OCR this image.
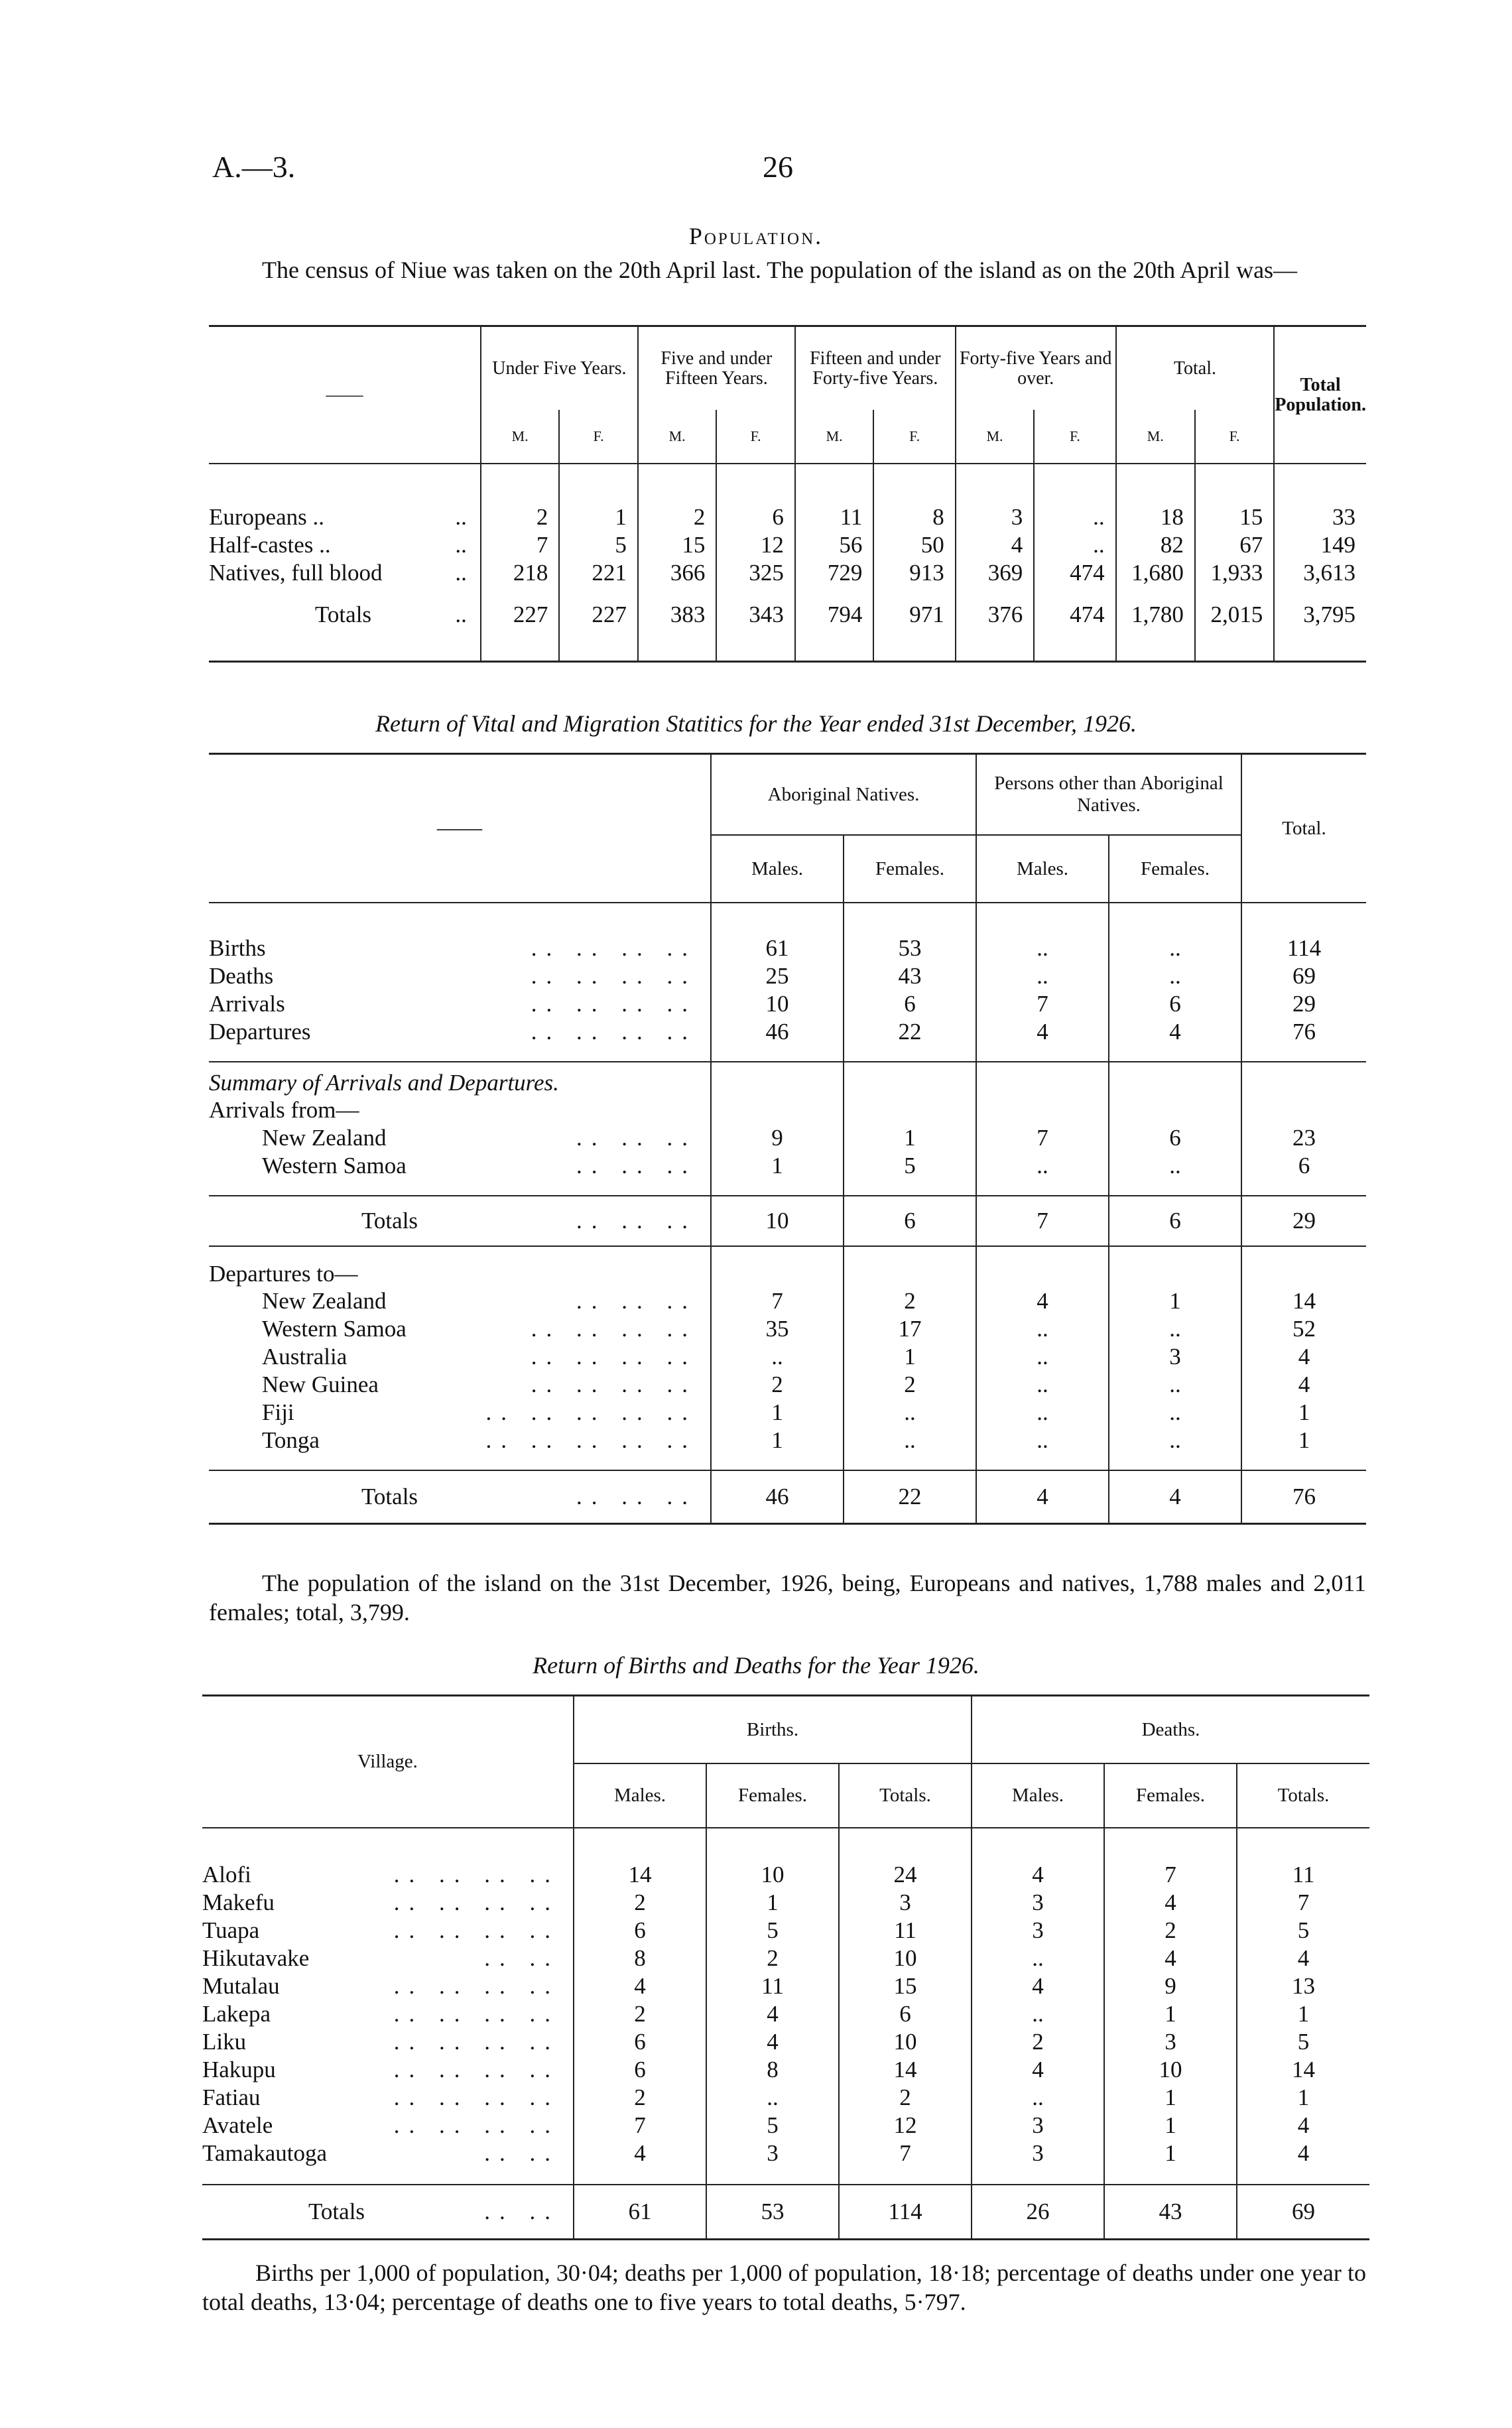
A.—3.	26
Population.
The census of Niue was taken on the 20th April last. The population of the island as on the 20th April was—
——	Under Five Years.		Five and under Fifteen Years.		Fifteen and under Forty-five Years.		Forty-five Years and over.		Total.		Total Population.
	M.	F.	M.	F.	M.	F.	M.	F.	M.	F.	

Europeans .. ..	2	1	2	6	11	8	3	..	18	15	33
Half-castes .. ..	7	5	15	12	56	50	4	..	82	67	149
Natives, full blood ..	218	221	366	325	729	913	369	474	1,680	1,933	3,613

Totals ..	227	227	383	343	794	971	376	474	1,780	2,015	3,795
Return of Vital and Migration Statitics for the Year ended 31st December, 1926.
——	Aboriginal Natives.		Persons other than Aboriginal Natives.		Total.
	Males.	Females.	Males.	Females.	

Births .. .. .. ..	61	53	..	..	114
Deaths .. .. .. ..	25	43	..	..	69
Arrivals .. .. .. ..	10	6	7	6	29
Departures .. .. .. ..	46	22	4	4	76

Summary of Arrivals and Departures.					
Arrivals from—					
New Zealand .. .. ..	9	1	7	6	23
Western Samoa .. .. ..	1	5	..	..	6

Totals .. .. ..	10	6	7	6	29
Departures to—					
New Zealand .. .. ..	7	2	4	1	14
Western Samoa .. .. .. ..	35	17	..	..	52
Australia .. .. .. ..	..	1	..	3	4
New Guinea .. .. .. ..	2	2	..	..	4
Fiji .. .. .. .. ..	1	..	..	..	1
Tonga .. .. .. .. ..	1	..	..	..	1

Totals .. .. ..	46	22	4	4	76
The population of the island on the 31st December, 1926, being, Europeans and natives, 1,788 males and 2,011 females; total, 3,799.
Return of Births and Deaths for the Year 1926.
Village.	Births.			Deaths.		
	Males.	Females.	Totals.	Males.	Females.	Totals.

Alofi .. .. .. ..	14	10	24	4	7	11
Makefu .. .. .. ..	2	1	3	3	4	7
Tuapa .. .. .. ..	6	5	11	3	2	5
Hikutavake .. ..	8	2	10	..	4	4
Mutalau .. .. .. ..	4	11	15	4	9	13
Lakepa .. .. .. ..	2	4	6	..	1	1
Liku .. .. .. ..	6	4	10	2	3	5
Hakupu .. .. .. ..	6	8	14	4	10	14
Fatiau .. .. .. ..	2	..	2	..	1	1
Avatele .. .. .. ..	7	5	12	3	1	4
Tamakautoga .. ..	4	3	7	3	1	4

Totals .. ..	61	53	114	26	43	69
Births per 1,000 of population, 30·04; deaths per 1,000 of population, 18·18; percentage of deaths under one year to total deaths, 13·04; percentage of deaths one to five years to total deaths, 5·797.
